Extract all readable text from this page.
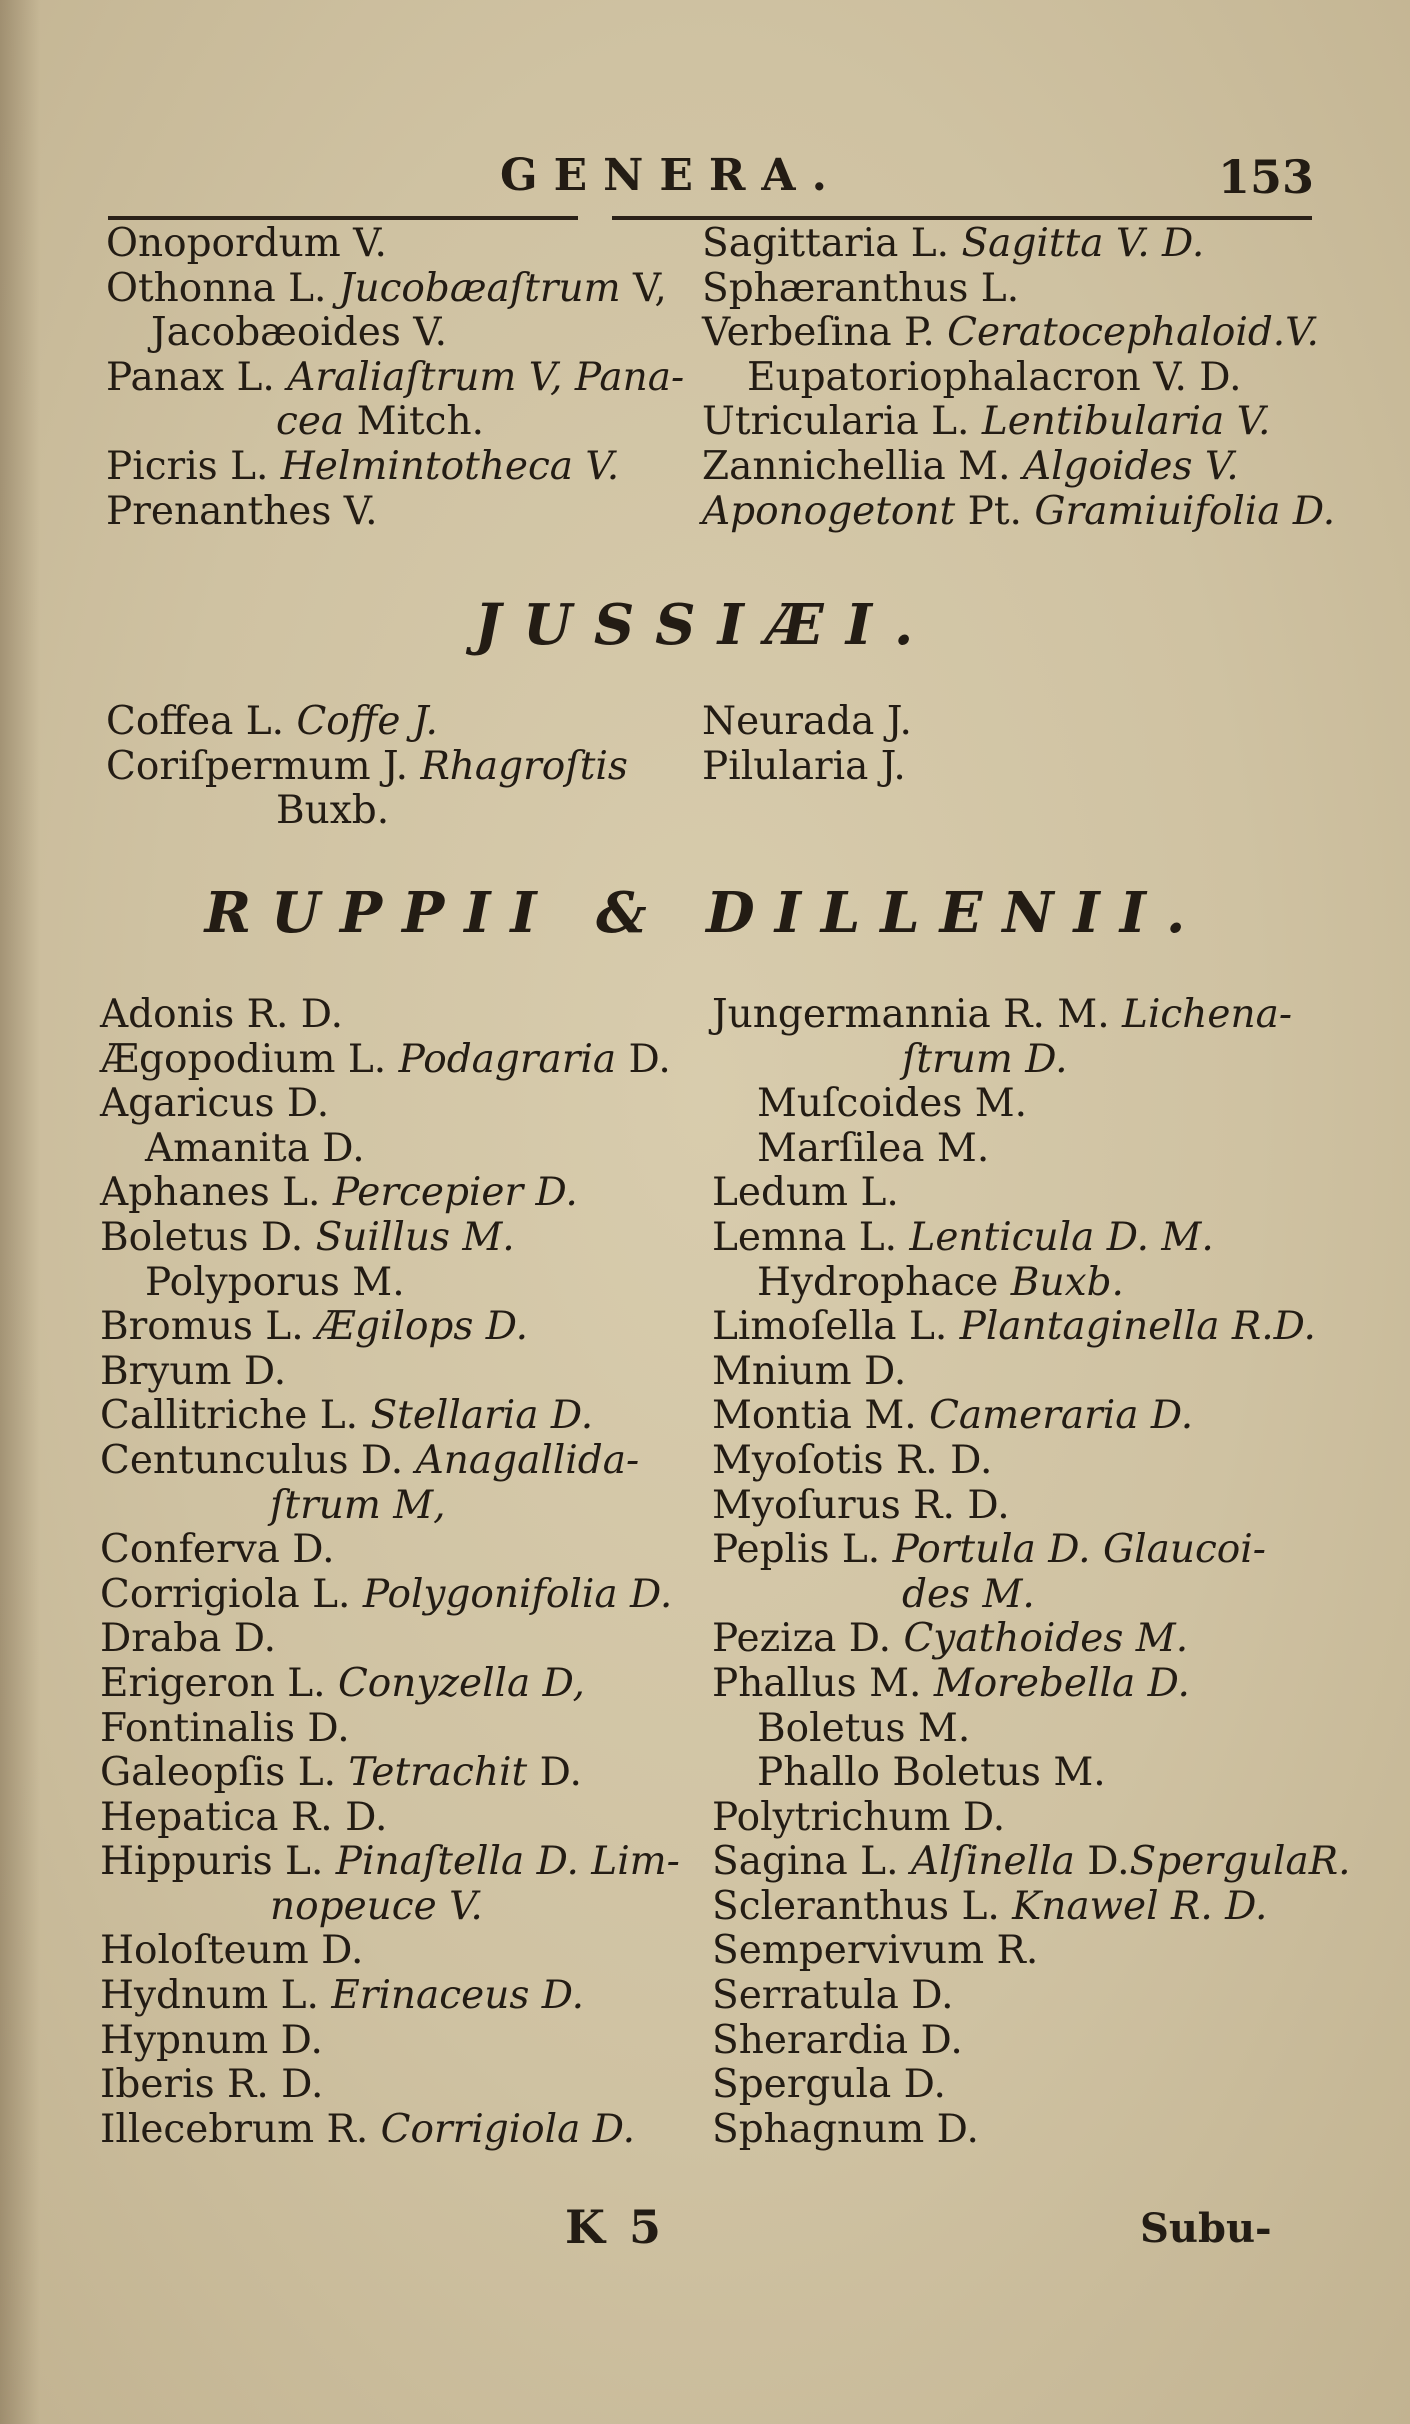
GENERA.	153
Onopordum V.
Othonna L. Jucobæaſtrum V,
Jacobæoides V.
Panax L. Araliaſtrum V, Pana-
cea Mitch.
Picris L. Helmintotheca V.
Prenanthes V.
Sagittaria L. Sagitta V. D.
Sphæranthus L.
Verbeſina P. Ceratocephaloid.V.
Eupatoriophalacron V. D.
Utricularia L. Lentibularia V.
Zannichellia M. Algoides V.
Aponogetont Pt. Gramiuifolia D.
JUSSIÆI.
Coffea L. Coffe J.
Coriſpermum J. Rhagroſtis
Buxb.
Neurada J.
Pilularia J.
RUPPII & DILLENII.
Adonis R. D.
Ægopodium L. Podagraria D.
Agaricus D.
Amanita D.
Aphanes L. Percepier D.
Boletus D. Suillus M.
Polyporus M.
Bromus L. Ægilops D.
Bryum D.
Callitriche L. Stellaria D.
Centunculus D. Anagallida-
ſtrum M,
Conferva D.
Corrigiola L. Polygonifolia D.
Draba D.
Erigeron L. Conyzella D,
Fontinalis D.
Galeopſis L. Tetrachit D.
Hepatica R. D.
Hippuris L. Pinaſtella D. Lim-
nopeuce V.
Holoſteum D.
Hydnum L. Erinaceus D.
Hypnum D.
Iberis R. D.
Illecebrum R. Corrigiola D.
Jungermannia R. M. Lichena-
ſtrum D.
Muſcoides M.
Marſilea M.
Ledum L.
Lemna L. Lenticula D. M.
Hydrophace Buxb.
Limoſella L. Plantaginella R.D.
Mnium D.
Montia M. Cameraria D.
Myoſotis R. D.
Myoſurus R. D.
Peplis L. Portula D. Glaucoi-
des M.
Peziza D. Cyathoides M.
Phallus M. Morebella D.
Boletus M.
Phallo Boletus M.
Polytrichum D.
Sagina L. Alſinella D.SpergulaR.
Scleranthus L. Knawel R. D.
Sempervivum R.
Serratula D.
Sherardia D.
Spergula D.
Sphagnum D.
K 5	Subu-
